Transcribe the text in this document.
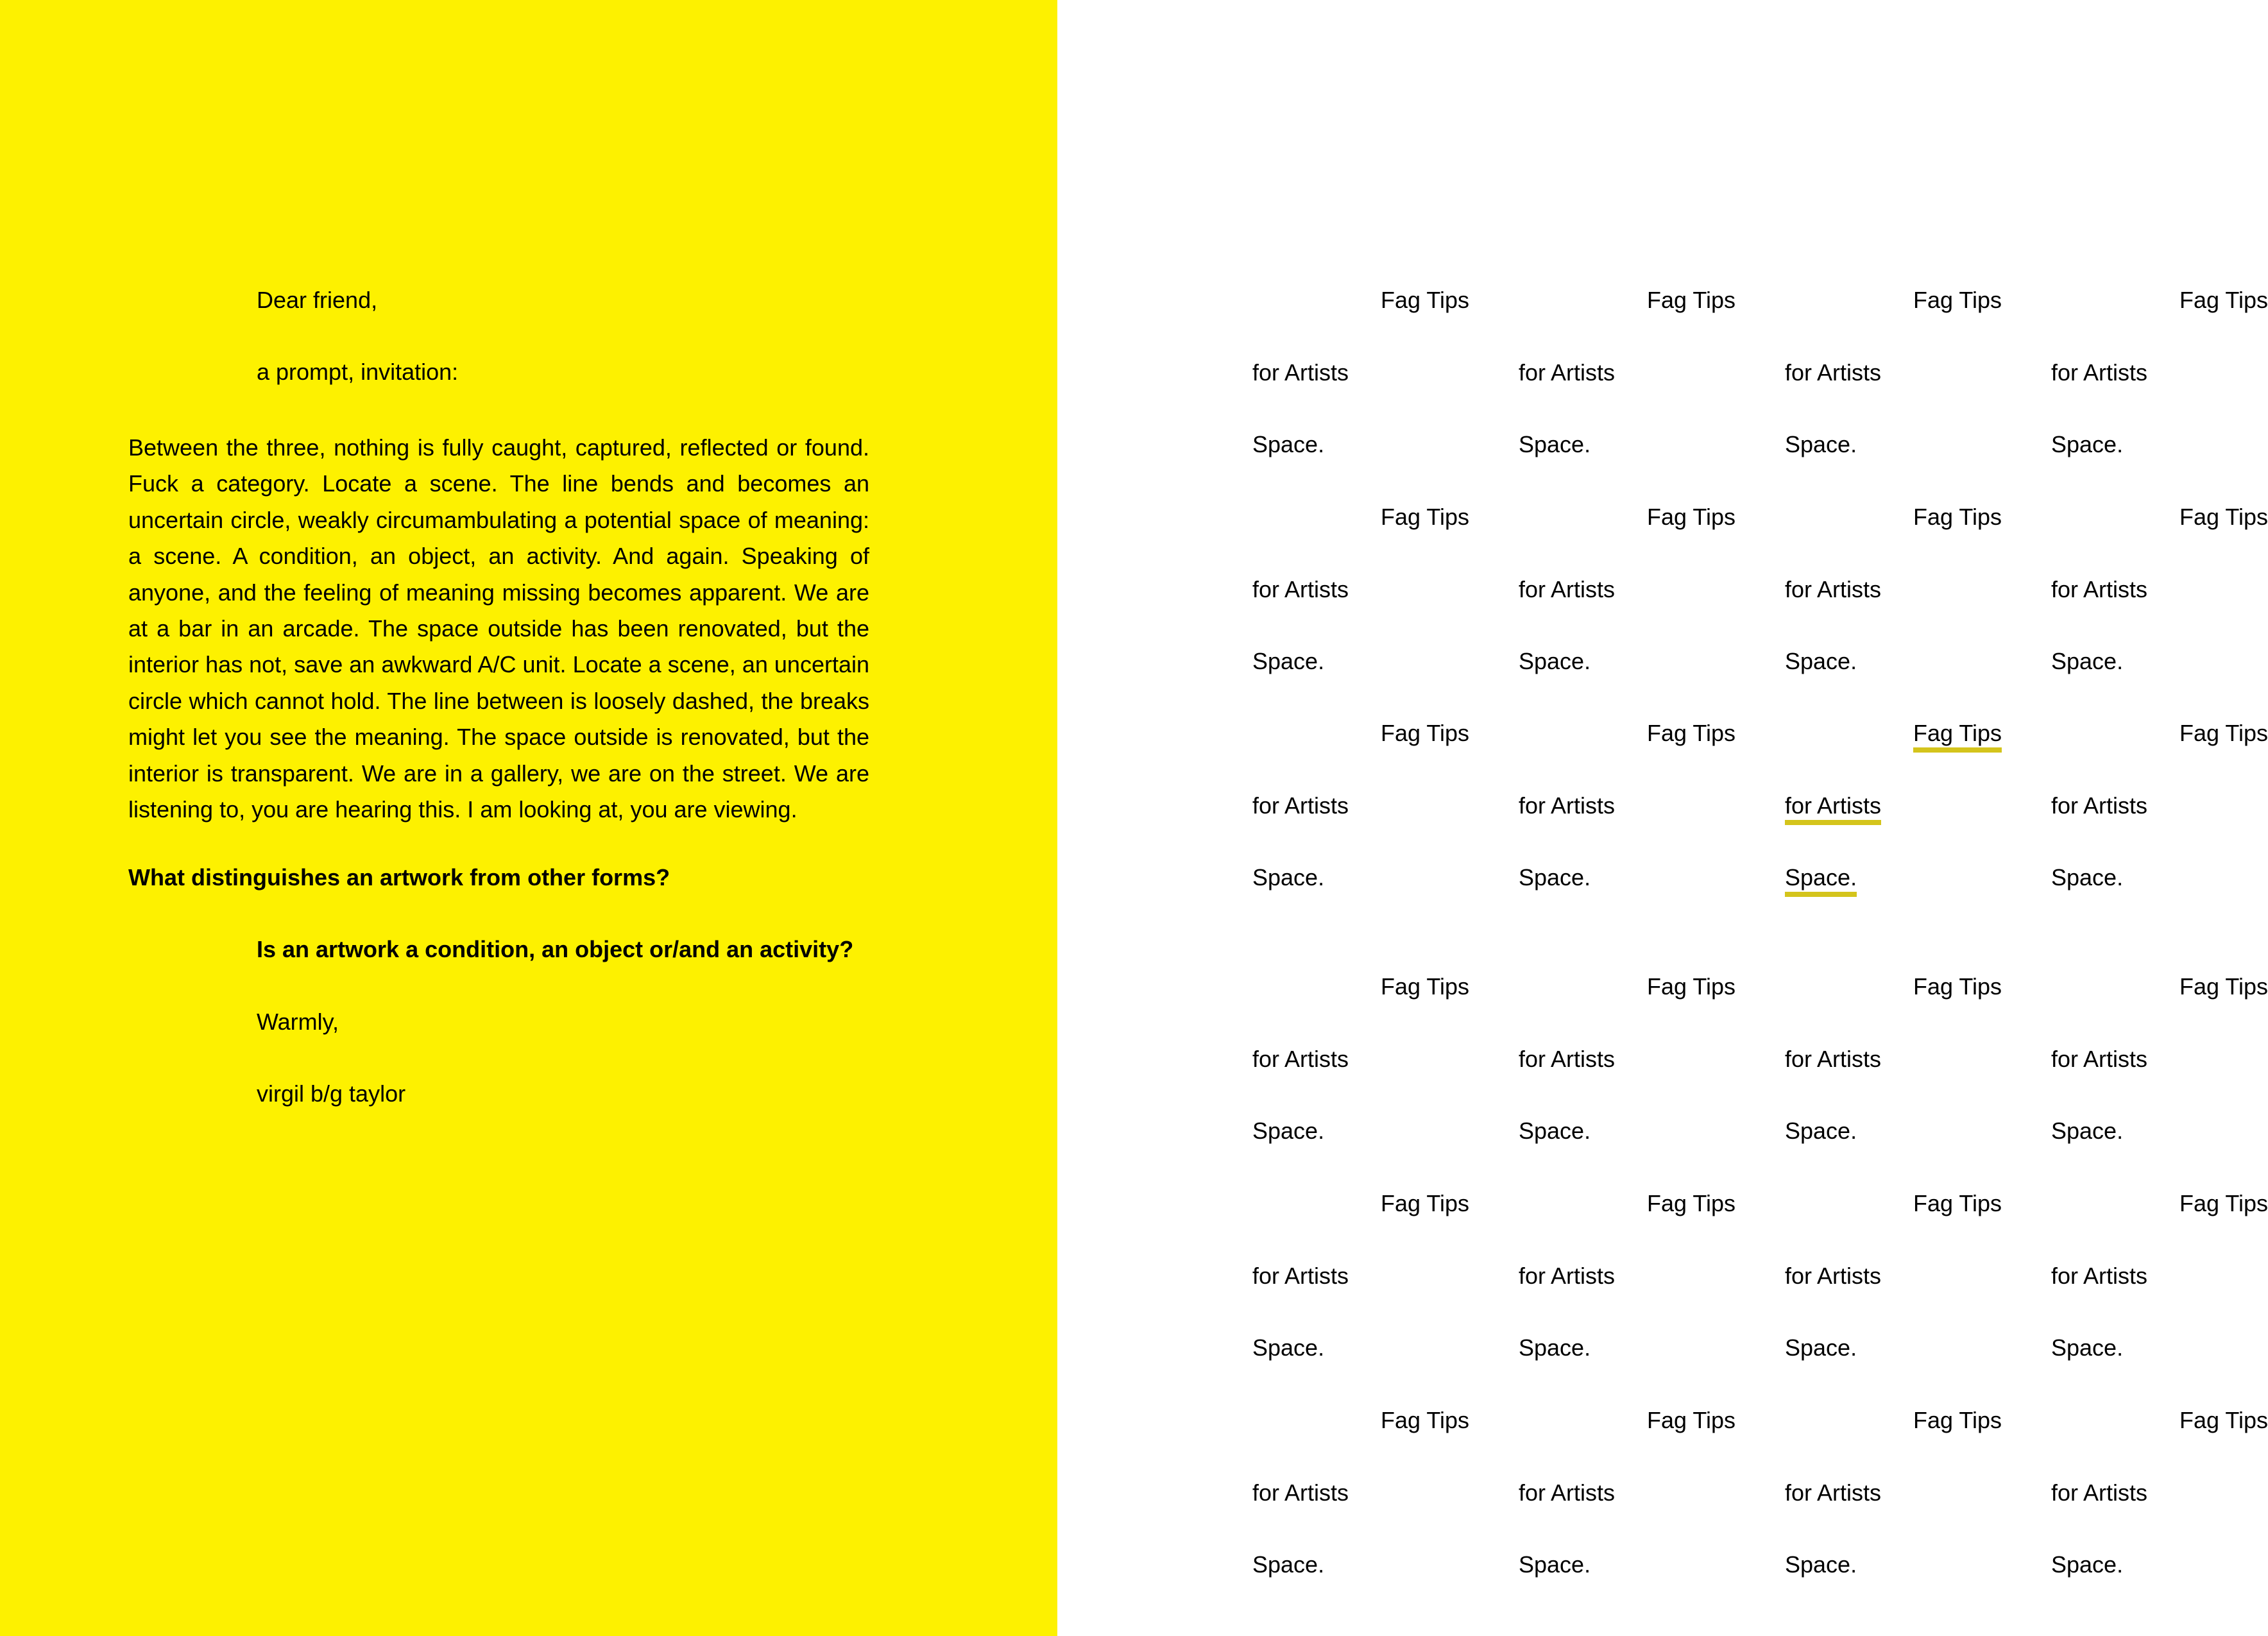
Dear friend,
a prompt, invitation:
Between the three, nothing is fully caught, captured, reflected or found. Fuck a category. Locate a scene. The line bends and becomes an uncertain circle, weakly circumambulating a potential space of meaning: a scene. A condition, an object, an activity. And again. Speaking of anyone, and the feeling of meaning missing becomes apparent. We are at a bar in an arcade. The space outside has been renovated, but the interior has not, save an awkward A/C unit. Locate a scene, an uncertain circle which cannot hold. The line between is loosely dashed, the breaks might let you see the meaning. The space outside is renovated, but the interior is transparent. We are in a gallery, we are on the street. We are listening to, you are hearing this. I am looking at, you are viewing.
What distinguishes an artwork from other forms?
Is an artwork a condition, an object or/and an activity?
Warmly,
virgil b/g taylor
Fag Tips
for Artists
Space.
Fag Tips
for Artists
Space.
Fag Tips
for Artists
Space.
Fag Tips
for Artists
Space.
Fag Tips
for Artists
Space.
Fag Tips
for Artists
Space.
Fag Tips
for Artists
Space.
Fag Tips
for Artists
Space.
Fag Tips
for Artists
Space.
Fag Tips
for Artists
Space.
Fag Tips
for Artists
Space.
Fag Tips
for Artists
Space.
Fag Tips
for Artists
Space.
Fag Tips
for Artists
Space.
Fag Tips
for Artists
Space.
Fag Tips
for Artists
Space.
Fag Tips
for Artists
Space.
Fag Tips
for Artists
Space.
Fag Tips
for Artists
Space.
Fag Tips
for Artists
Space.
Fag Tips
for Artists
Space.
Fag Tips
for Artists
Space.
Fag Tips
for Artists
Space.
Fag Tips
for Artists
Space.
